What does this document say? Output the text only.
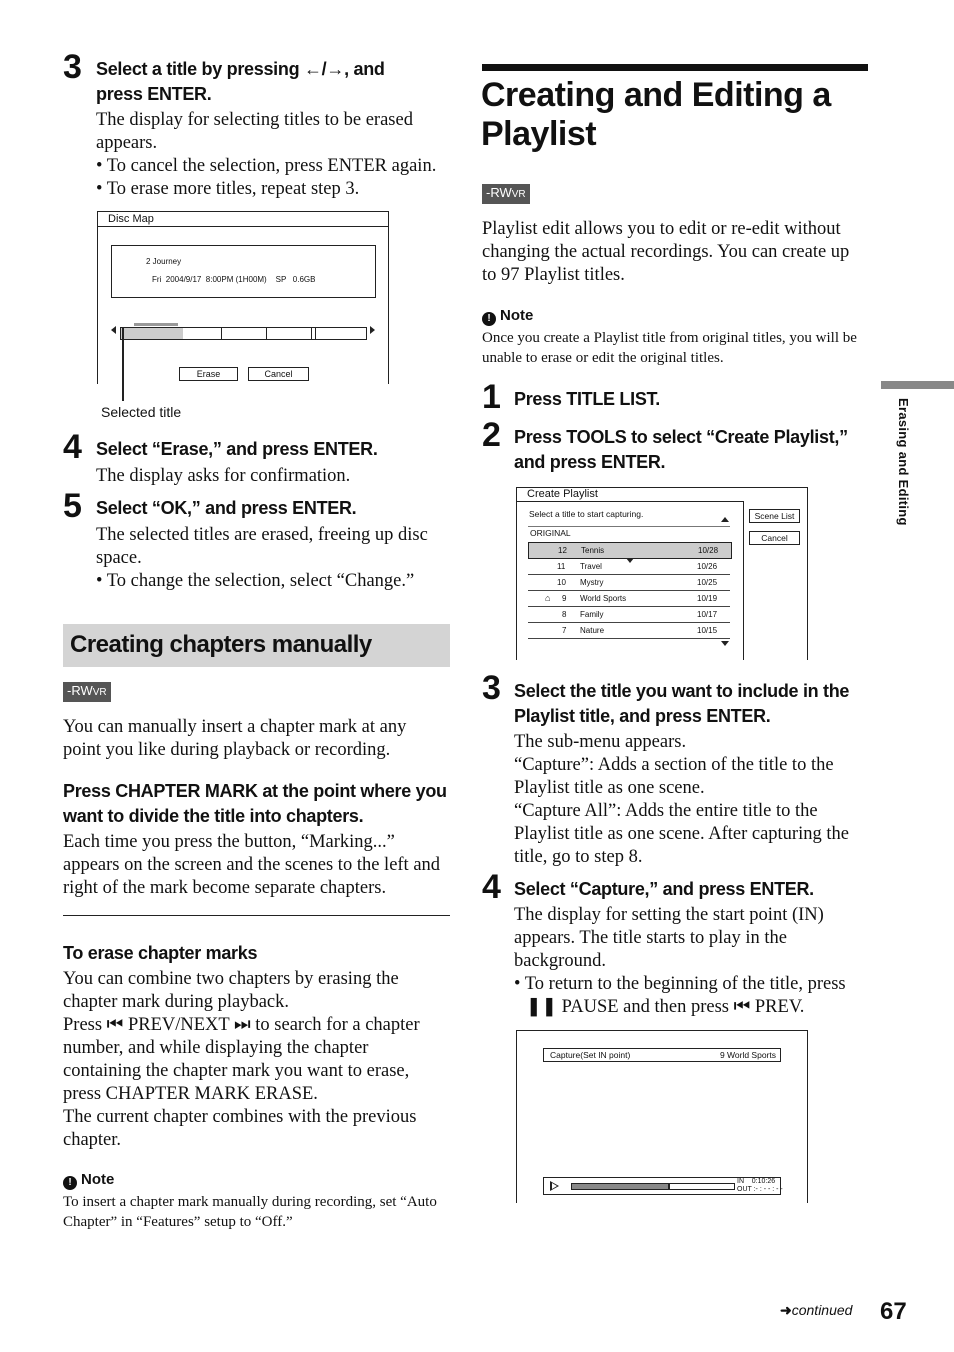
3 Select a title by pressing ←/→, and press ENTER.
The display for selecting titles to be erased appears.
• To cancel the selection, press ENTER again.
• To erase more titles, repeat step 3.
Disc Map
2 Journey
Fri  2004/9/17  8:00PM (1H00M)    SP   0.6GB
Erase	Cancel
Selected title
4 Select “Erase,” and press ENTER.
The display asks for confirmation.
5 Select “OK,” and press ENTER.
The selected titles are erased, freeing up disc space.
• To change the selection, select “Change.”
Creating chapters manually
-RWVR
You can manually insert a chapter mark at any point you like during playback or recording.
Press CHAPTER MARK at the point where you want to divide the title into chapters.
Each time you press the button, “Marking...” appears on the screen and the scenes to the left and right of the mark become separate chapters.
To erase chapter marks
You can combine two chapters by erasing the chapter mark during playback.
Press ⏮ PREV/NEXT ⏭ to search for a chapter number, and while displaying the chapter containing the chapter mark you want to erase, press CHAPTER MARK ERASE.
The current chapter combines with the previous chapter.
! Note
To insert a chapter mark manually during recording, set “Auto Chapter” in “Features” setup to “Off.”
Creating and Editing a Playlist
-RWVR
Playlist edit allows you to edit or re-edit without changing the actual recordings. You can create up to 97 Playlist titles.
! Note
Once you create a Playlist title from original titles, you will be unable to erase or edit the original titles.
1 Press TITLE LIST.
2 Press TOOLS to select “Create Playlist,” and press ENTER.
Create Playlist
Select a title to start capturing.
ORIGINAL
12 Tennis	10/28
11 Travel	10/26
10 Mystry	10/25
⌂ 9 World Sports	10/19
8 Family	10/17
7 Nature	10/15
Scene List
Cancel
3 Select the title you want to include in the Playlist title, and press ENTER.
The sub-menu appears.
“Capture”: Adds a section of the title to the Playlist title as one scene.
“Capture All”: Adds the entire title to the Playlist title as one scene. After capturing the title, go to step 8.
4 Select “Capture,” and press ENTER.
The display for setting the start point (IN) appears. The title starts to play in the background.
• To return to the beginning of the title, press ❚❚ PAUSE and then press ⏮ PREV.
Capture(Set IN point)	9 World Sports
IN 0:10:26
OUT :- : - - : - -
Erasing and Editing
➜continued 67
